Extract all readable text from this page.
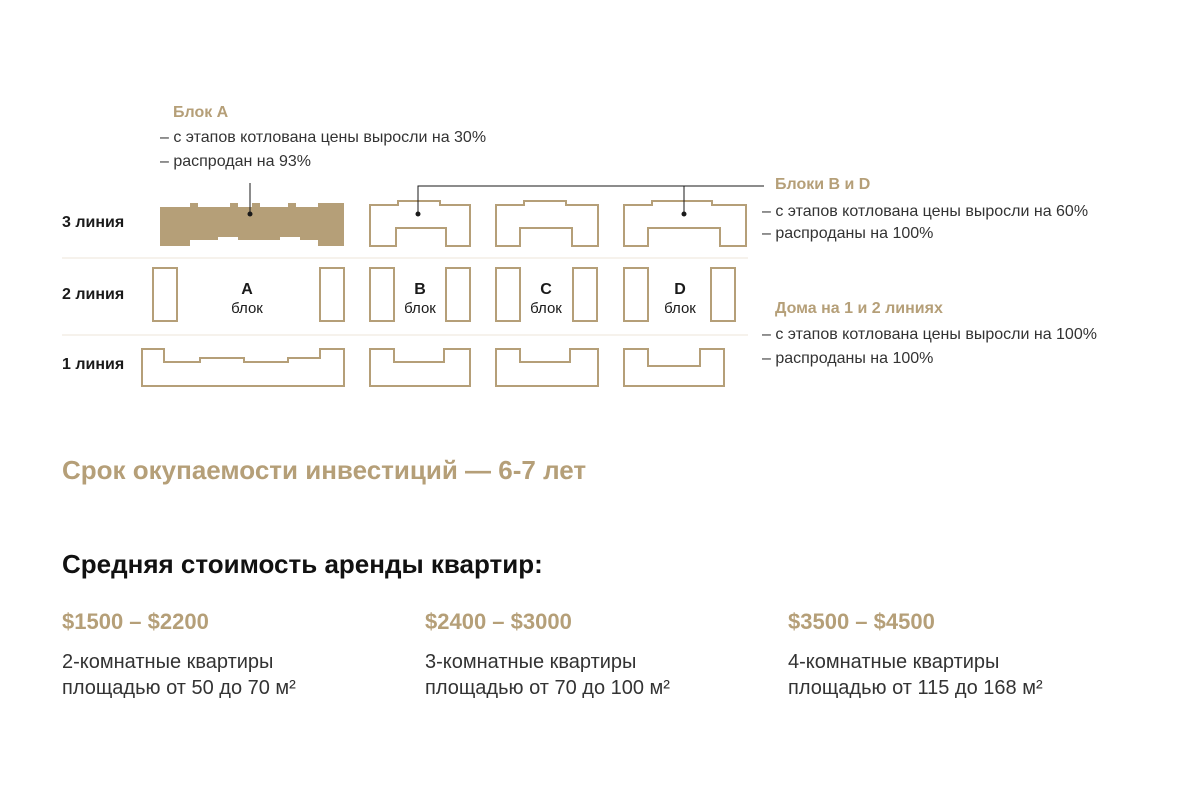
Блок A
– с этапов котлована цены выросли на 30%
– распродан на 93%
Блоки B и D
– с этапов котлована цены выросли на 60%
– распроданы на 100%
Дома на 1 и 2 линиях
– с этапов котлована цены выросли на 100%
– распроданы на 100%
3 линия
2 линия
1 линия
A
блок
B
блок
C
блок
D
блок
Срок окупаемости инвестиций — 6-7 лет
Средняя стоимость аренды квартир:
$1500 – $2200
2-комнатные квартиры
площадью от 50 до 70 м²
$2400 – $3000
3-комнатные квартиры
площадью от 70 до 100 м²
$3500 – $4500
4-комнатные квартиры
площадью от 115 до 168 м²
